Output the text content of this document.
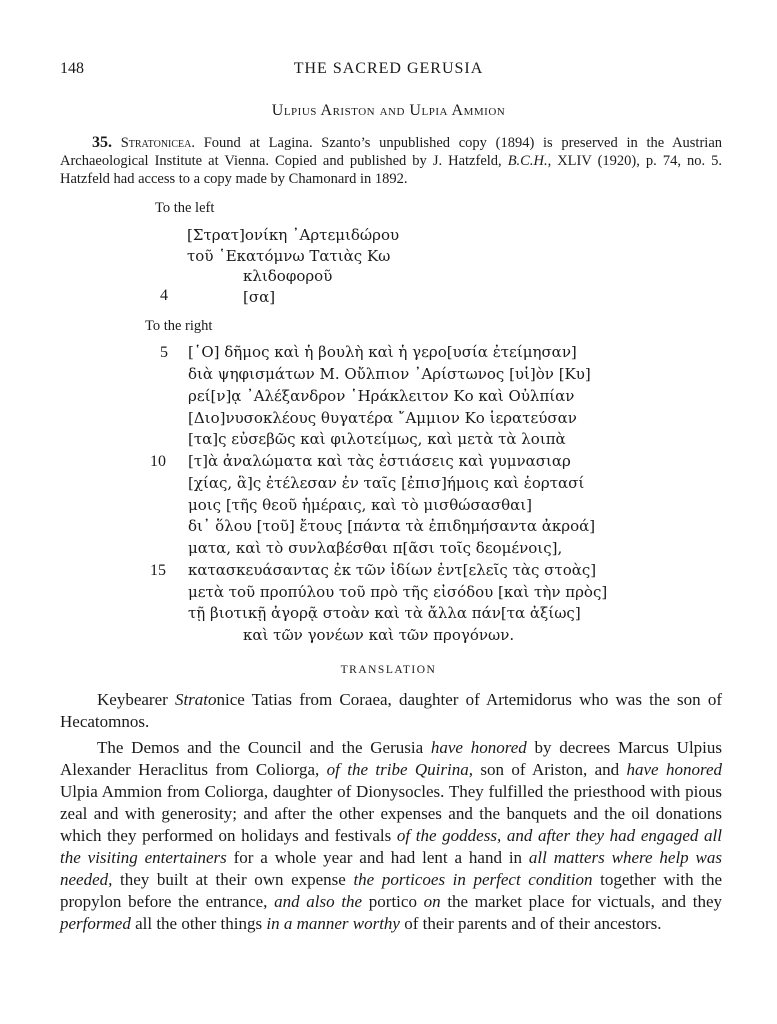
148	THE SACRED GERUSIA
Ulpius Ariston and Ulpia Ammion
35. Stratonicea. Found at Lagina. Szanto’s unpublished copy (1894) is preserved in the Austrian Archaeological Institute at Vienna. Copied and published by J. Hatzfeld, B.C.H., XLIV (1920), p. 74, no. 5. Hatzfeld had access to a copy made by Chamonard in 1892.
To the left
[Στρατ]ονίκη ᾿Αρτεμιδώρου
τοῦ ῾Εκατόμνω Τατιὰς Κω
κλιδοφοροῦ
4	[σα]
To the right
5 [῾Ο] δῆμος καὶ ἡ βουλὴ καὶ ἡ γερο[υσία ἐτείμησαν]
διὰ ψηφισμάτων Μ. Οὔλπιον ᾿Αρίστωνος [υἱ]ὸν [Κυ]
ρεί[ν]ᾳ ᾿Αλέξανδρον ῾Ηράκλειτον Κο καὶ Οὐλπίαν
[Διο]νυσοκλέους θυγατέρα ῎Αμμιον Κο ἱερατεύσαν
[τα]ς εὐσεβῶς καὶ φιλοτείμως, καὶ μετὰ τὰ λοιπὰ
10 [τ]ὰ ἀναλώματα καὶ τὰς ἑστιάσεις καὶ γυμνασιαρ
[χίας, ἃ]ς ἐτέλεσαν ἐν ταῖς [ἐπισ]ήμοις καὶ ἑορτασί
μοις [τῆς θεοῦ ἡμέραις, καὶ τὸ μισθώσασθαι]
δι᾿ ὅλου [τοῦ] ἔτους [πάντα τὰ ἐπιδημήσαντα ἀκροά]
ματα, καὶ τὸ συνλαβέσθαι π[ᾶσι τοῖς δεομένοις],
15 κατασκευάσαντας ἐκ τῶν ἰδίων ἐντ[ελεῖς τὰς στοὰς]
μετὰ τοῦ προπύλου τοῦ πρὸ τῆς εἰσόδου [καὶ τὴν πρὸς]
τῇ βιοτικῇ ἀγορᾷ στοὰν καὶ τὰ ἄλλα πάν[τα ἀξίως]
καὶ τῶν γονέων καὶ τῶν προγόνων.
TRANSLATION
Keybearer Stratonice Tatias from Coraea, daughter of Artemidorus who was the son of Hecatomnos.
The Demos and the Council and the Gerusia have honored by decrees Marcus Ulpius Alexander Heraclitus from Coliorga, of the tribe Quirina, son of Ariston, and have honored Ulpia Ammion from Coliorga, daughter of Dionysocles. They fulfilled the priesthood with pious zeal and with generosity; and after the other expenses and the banquets and the oil donations which they performed on holidays and festivals of the goddess, and after they had engaged all the visiting entertainers for a whole year and had lent a hand in all matters where help was needed, they built at their own expense the porticoes in perfect condition together with the propylon before the entrance, and also the portico on the market place for victuals, and they performed all the other things in a manner worthy of their parents and of their ancestors.
